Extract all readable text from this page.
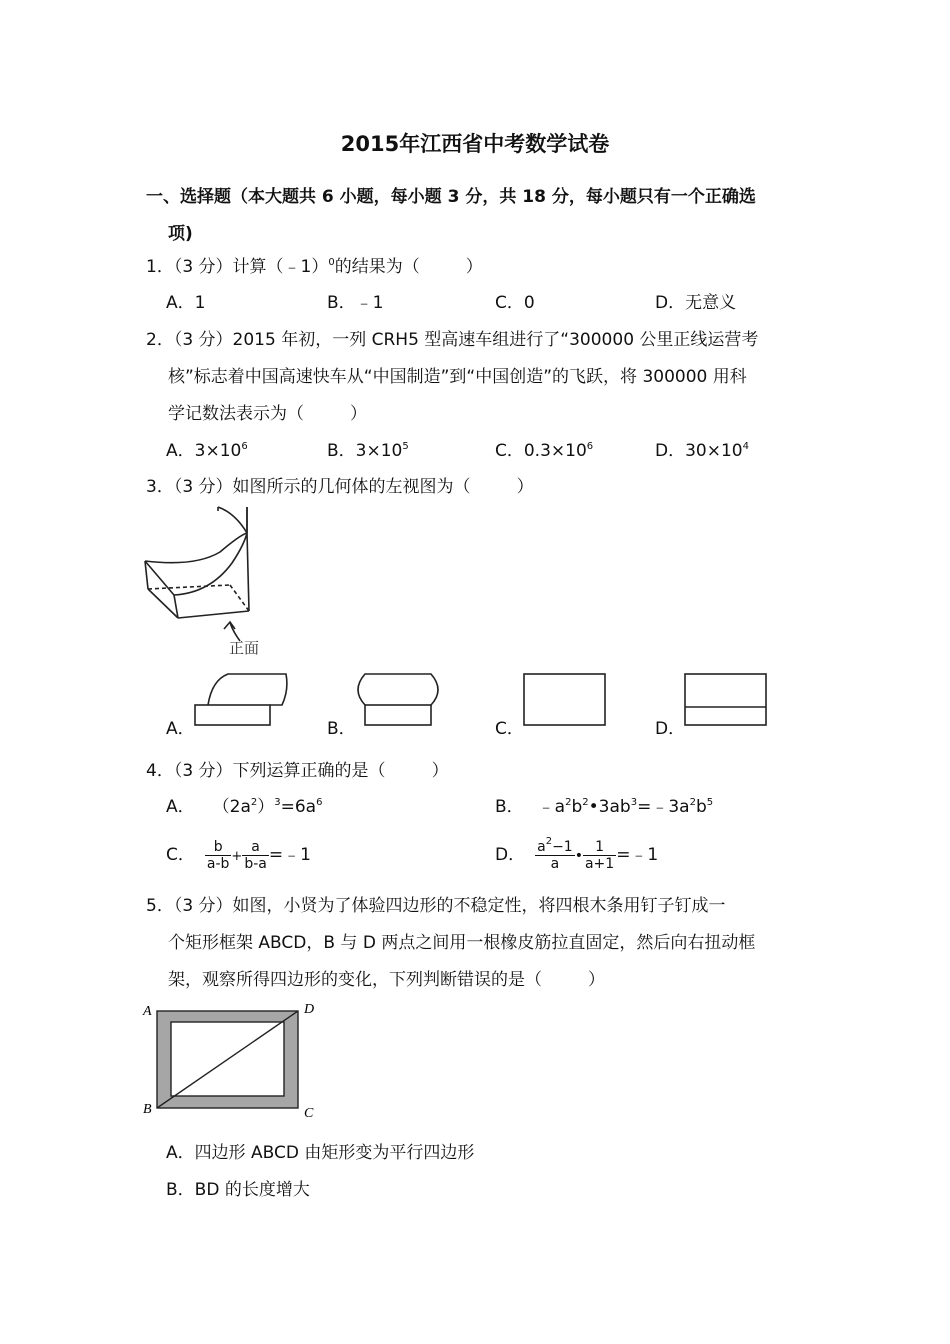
2015年江西省中考数学试卷
一、选择题（本大题共 6 小题，每小题 3 分，共 18 分，每小题只有一个正确选
项)
1．（3 分）计算（﹣1）$^0$的结果为（	）
A．1	B．﹣1	C．0	D．无意义
2．（3 分）2015 年初，一列 CRH5 型高速车组进行了“300000 公里正线运营考
核”标志着中国高速快车从“中国制造”到“中国创造”的飞跃，将 300000 用科
学记数法表示为（	）
A．$3\times 10^6$	B．$3\times 10^5$	C．$0.3\times 10^6$	D．$30\times 10^4$
3．（3 分）如图所示的几何体的左视图为（	）
正面
A．	B．	C．	D．
4．（3 分）下列运算正确的是（	）
A． $(2a^2)^3=6a^6$	B． $﹣a^2b^2•3ab^3=﹣3a^2b^5$
C． $\frac{b}{a-b} + \frac{a}{b-a}$ =﹣1	D． $\frac{a^2-1}{a}$ • $\frac{1}{a+1}$ =﹣1
5．（3 分）如图，小贤为了体验四边形的不稳定性，将四根木条用钉子钉成一
个矩形框架 ABCD，B 与 D 两点之间用一根橡皮筋拉直固定，然后向右扭动框
架，观察所得四边形的变化，下列判断错误的是（	）
A
B	C
D
A．四边形 ABCD 由矩形变为平行四边形
B．BD 的长度增大
